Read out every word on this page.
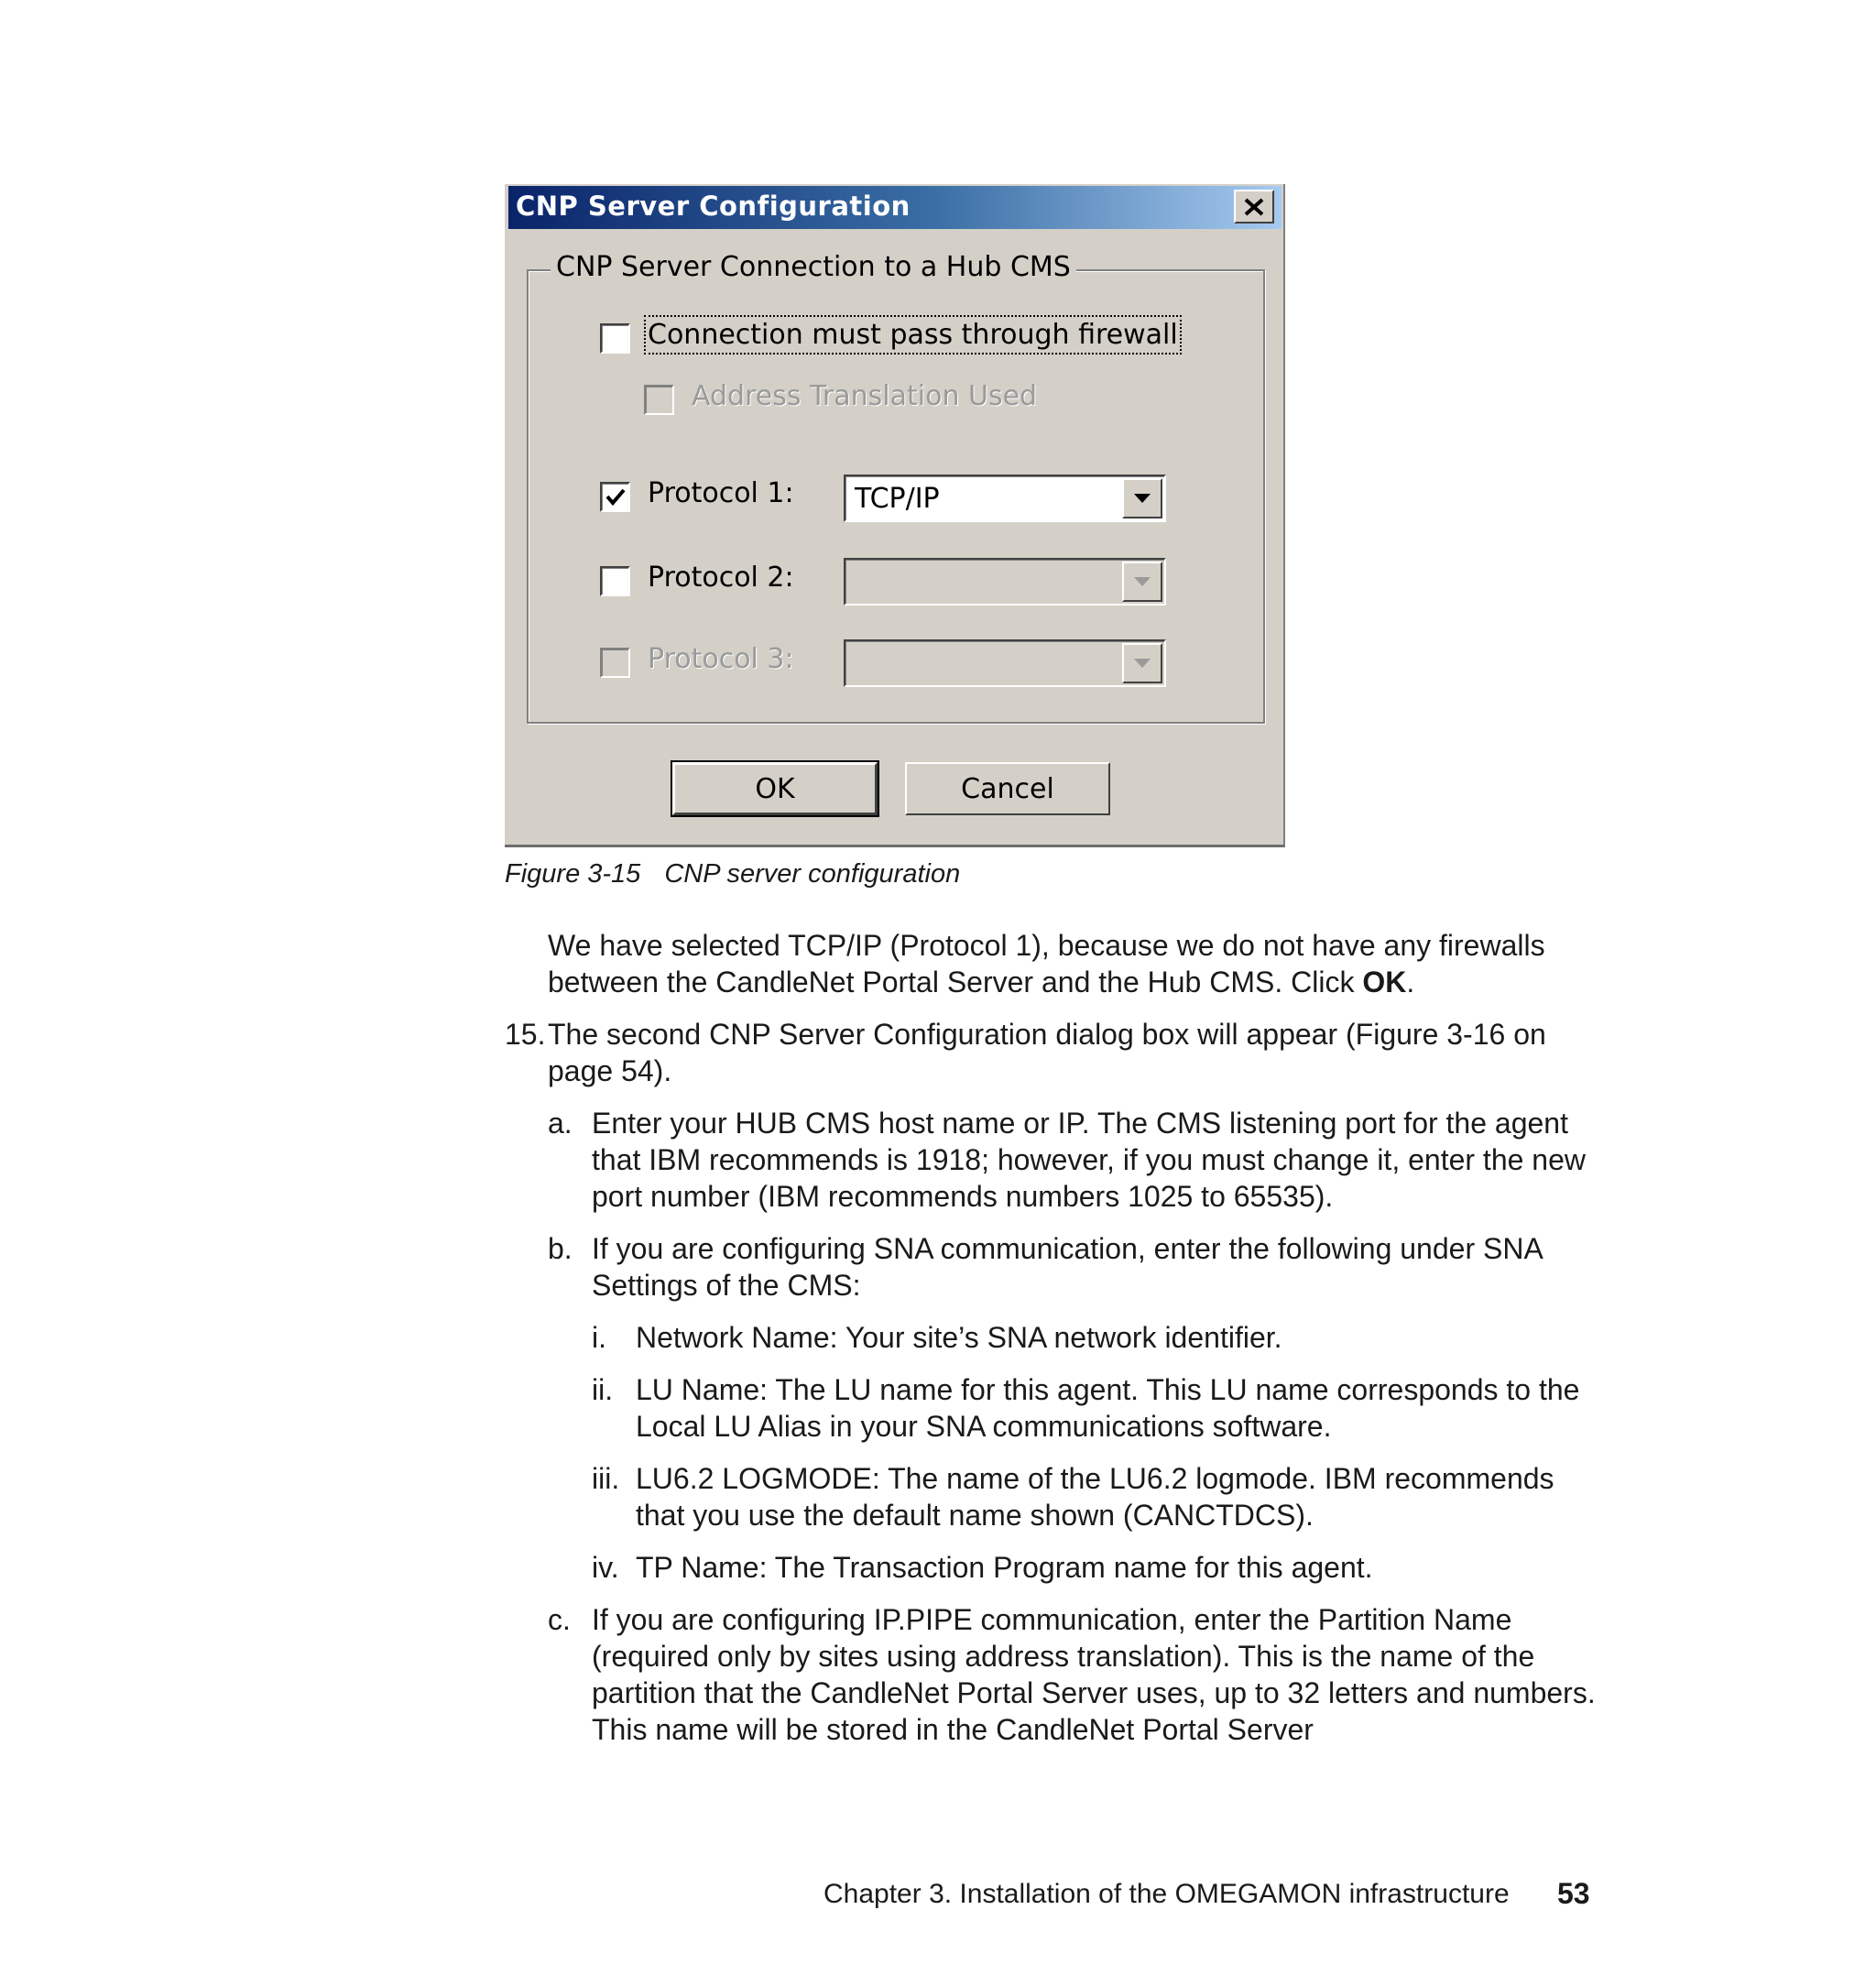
CNP Server Configuration
CNP Server Connection to a Hub CMS
Connection must pass through firewall
Address Translation Used
Protocol 1: TCP/IP
Protocol 2:
Protocol 3:
OK	Cancel
Figure 3-15 CNP server configuration
We have selected TCP/IP (Protocol 1), because we do not have any firewalls between the CandleNet Portal Server and the Hub CMS. Click OK.
15. The second CNP Server Configuration dialog box will appear (Figure 3-16 on page 54).
a. Enter your HUB CMS host name or IP. The CMS listening port for the agent that IBM recommends is 1918; however, if you must change it, enter the new port number (IBM recommends numbers 1025 to 65535).
b. If you are configuring SNA communication, enter the following under SNA Settings of the CMS:
i. Network Name: Your site’s SNA network identifier.
ii. LU Name: The LU name for this agent. This LU name corresponds to the Local LU Alias in your SNA communications software.
iii. LU6.2 LOGMODE: The name of the LU6.2 logmode. IBM recommends that you use the default name shown (CANCTDCS).
iv. TP Name: The Transaction Program name for this agent.
c. If you are configuring IP.PIPE communication, enter the Partition Name (required only by sites using address translation). This is the name of the partition that the CandleNet Portal Server uses, up to 32 letters and numbers. This name will be stored in the CandleNet Portal Server
Chapter 3. Installation of the OMEGAMON infrastructure 53
